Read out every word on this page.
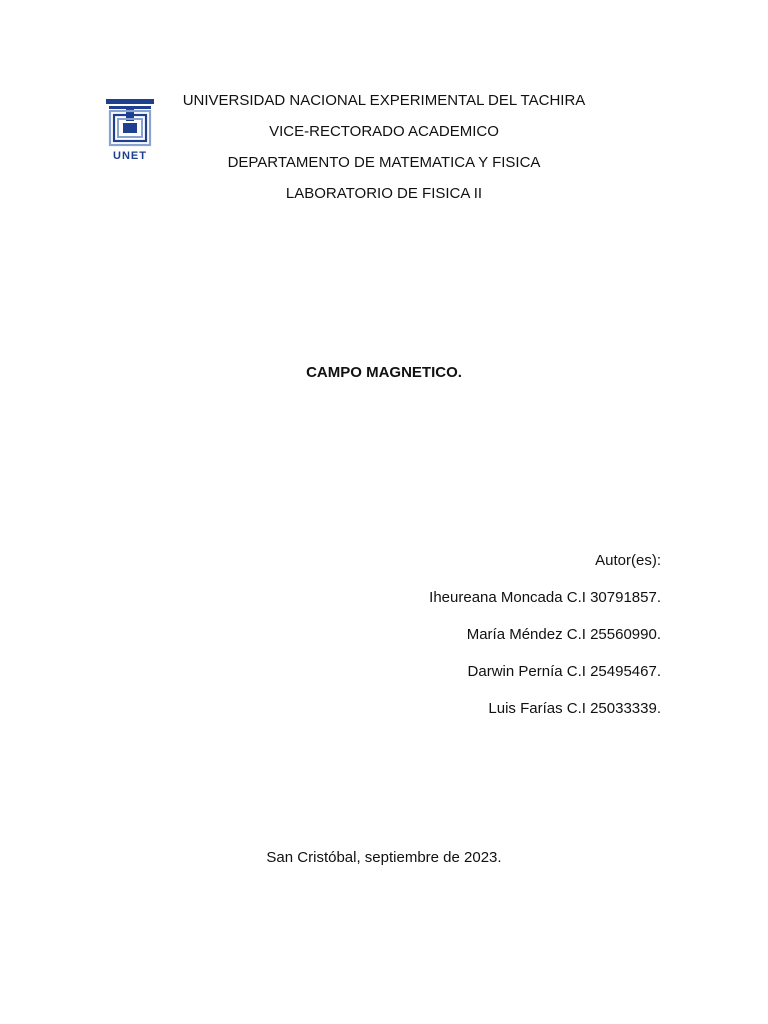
UNET
UNIVERSIDAD NACIONAL EXPERIMENTAL DEL TACHIRA
VICE-RECTORADO ACADEMICO
DEPARTAMENTO DE MATEMATICA Y FISICA
LABORATORIO DE FISICA II
CAMPO MAGNETICO.
Autor(es):
Iheureana Moncada C.I 30791857.
María Méndez C.I 25560990.
Darwin Pernía C.I 25495467.
Luis Farías C.I 25033339.
San Cristóbal, septiembre de 2023.
